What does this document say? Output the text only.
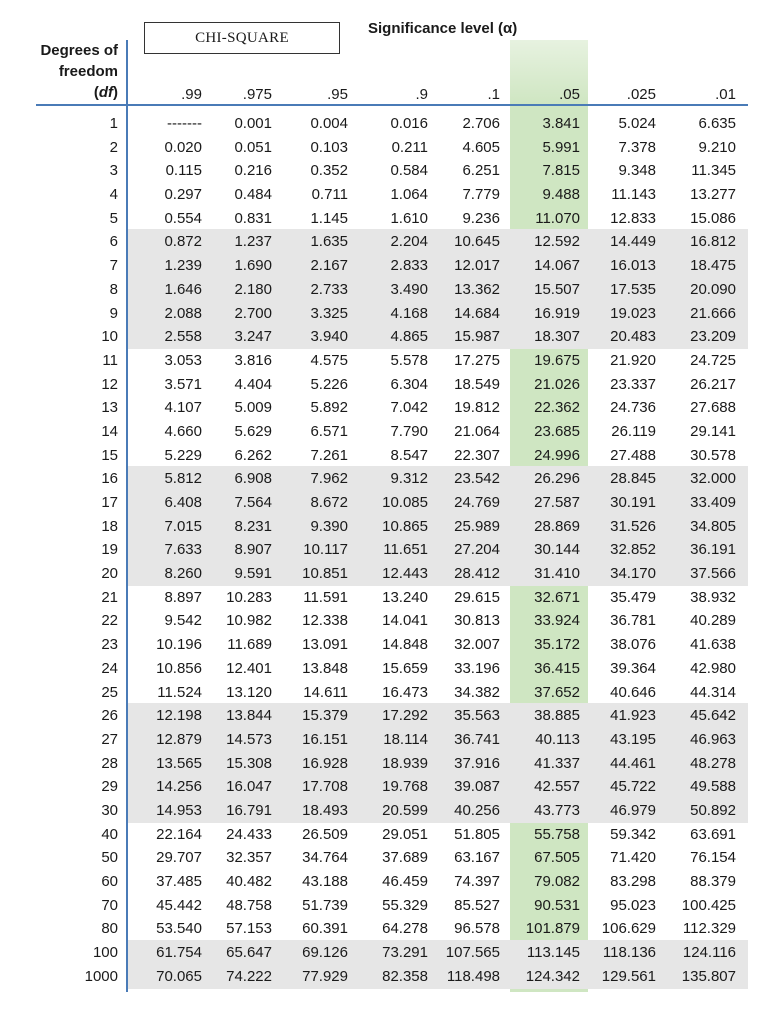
CHI-SQUARE
Significance level (α)
Degrees of
freedom
(df)	.99	.975	.95	.9	.1	.05	.025	.01
1	-------	0.001	0.004	0.016	2.706	3.841	5.024	6.635
2	0.020	0.051	0.103	0.211	4.605	5.991	7.378	9.210
3	0.115	0.216	0.352	0.584	6.251	7.815	9.348	11.345
4	0.297	0.484	0.711	1.064	7.779	9.488	11.143	13.277
5	0.554	0.831	1.145	1.610	9.236	11.070	12.833	15.086
6	0.872	1.237	1.635	2.204	10.645	12.592	14.449	16.812
7	1.239	1.690	2.167	2.833	12.017	14.067	16.013	18.475
8	1.646	2.180	2.733	3.490	13.362	15.507	17.535	20.090
9	2.088	2.700	3.325	4.168	14.684	16.919	19.023	21.666
10	2.558	3.247	3.940	4.865	15.987	18.307	20.483	23.209
11	3.053	3.816	4.575	5.578	17.275	19.675	21.920	24.725
12	3.571	4.404	5.226	6.304	18.549	21.026	23.337	26.217
13	4.107	5.009	5.892	7.042	19.812	22.362	24.736	27.688
14	4.660	5.629	6.571	7.790	21.064	23.685	26.119	29.141
15	5.229	6.262	7.261	8.547	22.307	24.996	27.488	30.578
16	5.812	6.908	7.962	9.312	23.542	26.296	28.845	32.000
17	6.408	7.564	8.672	10.085	24.769	27.587	30.191	33.409
18	7.015	8.231	9.390	10.865	25.989	28.869	31.526	34.805
19	7.633	8.907	10.117	11.651	27.204	30.144	32.852	36.191
20	8.260	9.591	10.851	12.443	28.412	31.410	34.170	37.566
21	8.897	10.283	11.591	13.240	29.615	32.671	35.479	38.932
22	9.542	10.982	12.338	14.041	30.813	33.924	36.781	40.289
23	10.196	11.689	13.091	14.848	32.007	35.172	38.076	41.638
24	10.856	12.401	13.848	15.659	33.196	36.415	39.364	42.980
25	11.524	13.120	14.611	16.473	34.382	37.652	40.646	44.314
26	12.198	13.844	15.379	17.292	35.563	38.885	41.923	45.642
27	12.879	14.573	16.151	18.114	36.741	40.113	43.195	46.963
28	13.565	15.308	16.928	18.939	37.916	41.337	44.461	48.278
29	14.256	16.047	17.708	19.768	39.087	42.557	45.722	49.588
30	14.953	16.791	18.493	20.599	40.256	43.773	46.979	50.892
40	22.164	24.433	26.509	29.051	51.805	55.758	59.342	63.691
50	29.707	32.357	34.764	37.689	63.167	67.505	71.420	76.154
60	37.485	40.482	43.188	46.459	74.397	79.082	83.298	88.379
70	45.442	48.758	51.739	55.329	85.527	90.531	95.023	100.425
80	53.540	57.153	60.391	64.278	96.578	101.879	106.629	112.329
100	61.754	65.647	69.126	73.291	107.565	113.145	118.136	124.116
1000	70.065	74.222	77.929	82.358	118.498	124.342	129.561	135.807
